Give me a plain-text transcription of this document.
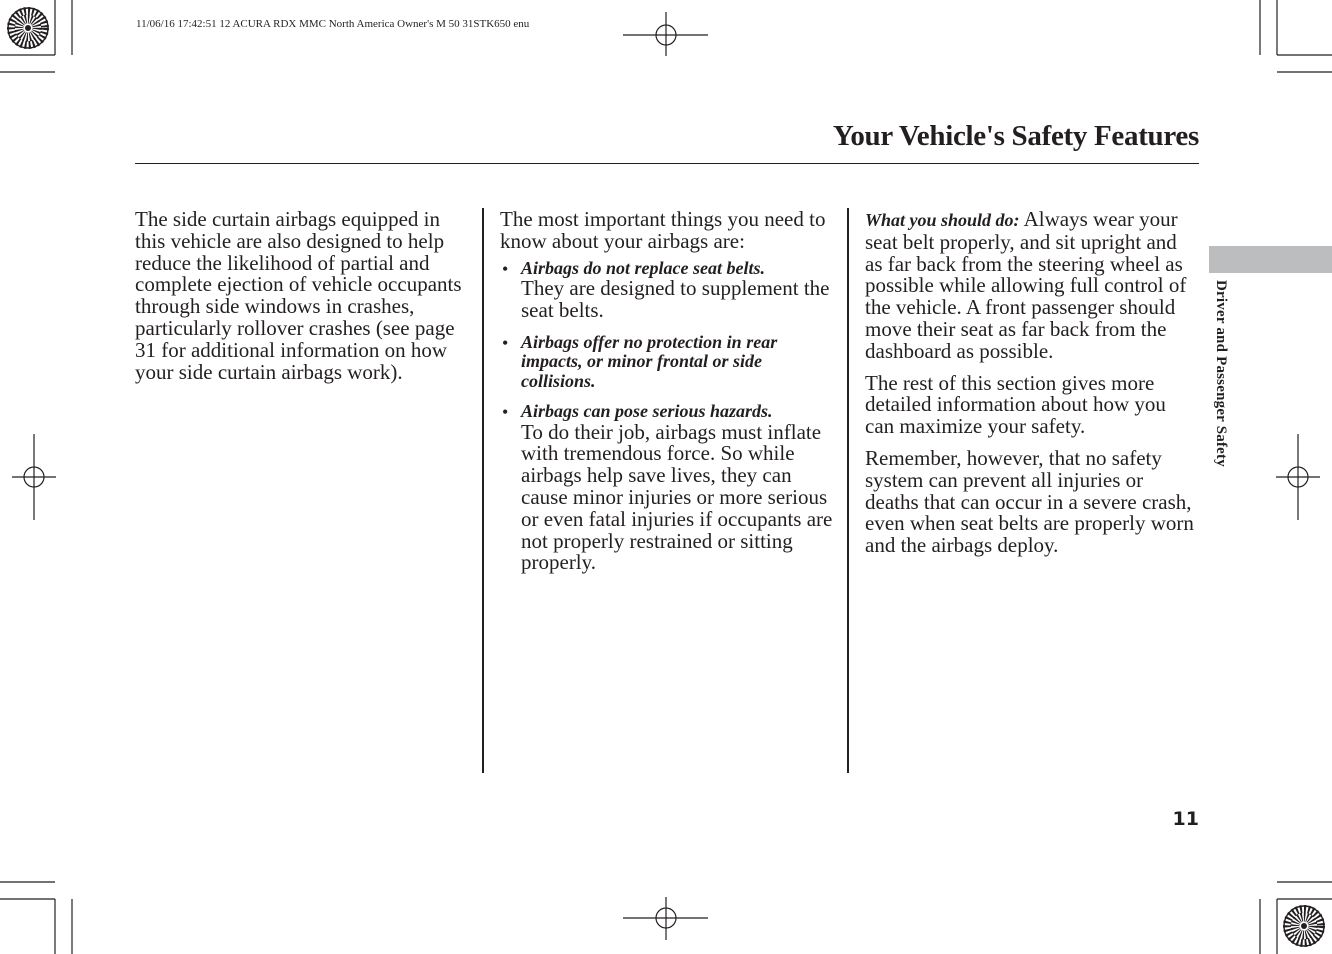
11/06/16 17:42:51 12 ACURA RDX MMC North America Owner's M 50 31STK650 enu
Your Vehicle's Safety Features

The side curtain airbags equipped in this vehicle are also designed to help reduce the likelihood of partial and complete ejection of vehicle occupants through side windows in crashes, particularly rollover crashes (see page 31 for additional information on how your side curtain airbags work).

The most important things you need to know about your airbags are:

• Airbags do not replace seat belts.
They are designed to supplement the seat belts.
• Airbags offer no protection in rear impacts, or minor frontal or side collisions.
• Airbags can pose serious hazards.
To do their job, airbags must inflate with tremendous force. So while airbags help save lives, they can cause minor injuries or more serious or even fatal injuries if occupants are not properly restrained or sitting properly.

What you should do: Always wear your seat belt properly, and sit upright and as far back from the steering wheel as possible while allowing full control of the vehicle. A front passenger should move their seat as far back from the dashboard as possible.

The rest of this section gives more detailed information about how you can maximize your safety.

Remember, however, that no safety system can prevent all injuries or deaths that can occur in a severe crash, even when seat belts are properly worn and the airbags deploy.

Driver and Passenger Safety
11
